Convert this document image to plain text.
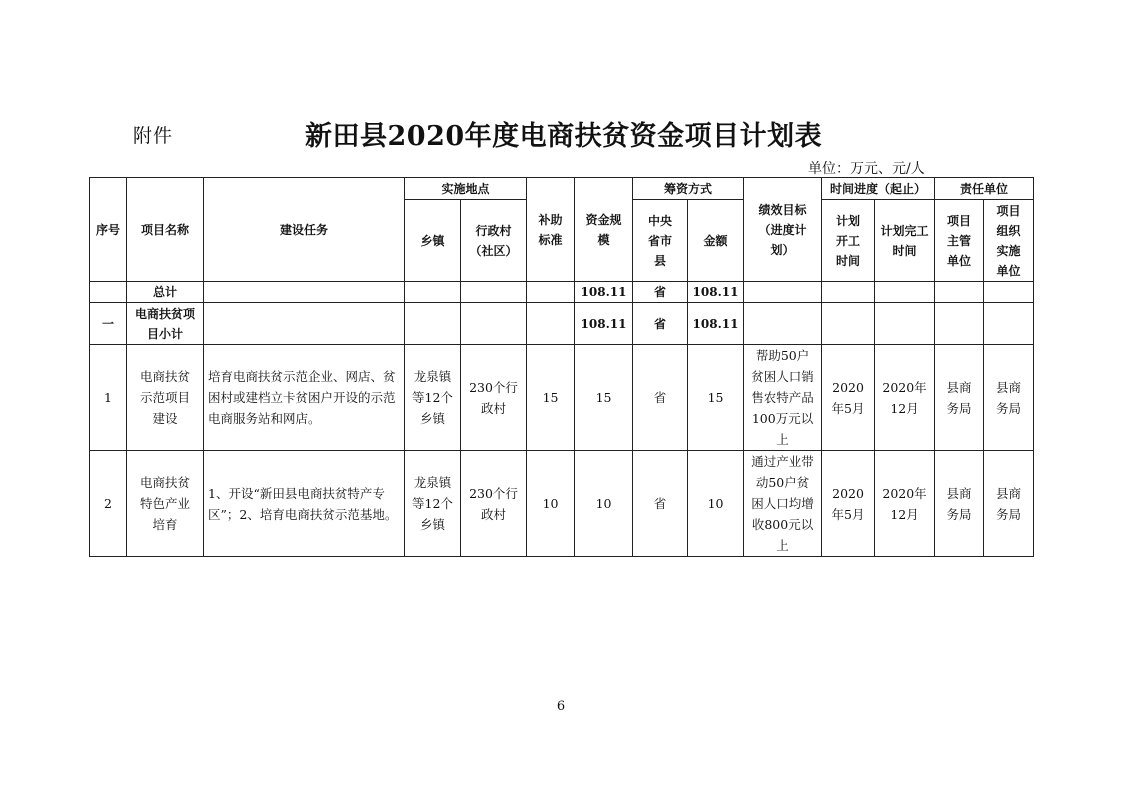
附件	新田县2020年度电商扶贫资金项目计划表
单位：万元、元/人
序号	项目名称	建设任务	实施地点		补助标准	资金规模	筹资方式		绩效目标（进度计划）	时间进度（起止）		责任单位	
			乡镇	行政村（社区）			中央省市县	金额		计划开工时间	计划完工时间	项目主管单位	项目组织实施单位

	总计					108.11	省	108.11					
一	电商扶贫项目小计					108.11	省	108.11					
1	电商扶贫示范项目建设	培育电商扶贫示范企业、网店、贫困村或建档立卡贫困户开设的示范电商服务站和网店。	龙泉镇等12个乡镇	230个行政村	15	15	省	15	帮助50户贫困人口销售农特产品100万元以上	2020年5月	2020年12月	县商务局	县商务局
2	电商扶贫特色产业培育	1、开设“新田县电商扶贫特产专区”；2、培育电商扶贫示范基地。	龙泉镇等12个乡镇	230个行政村	10	10	省	10	通过产业带动50户贫困人口均增收800元以上	2020年5月	2020年12月	县商务局	县商务局
6
